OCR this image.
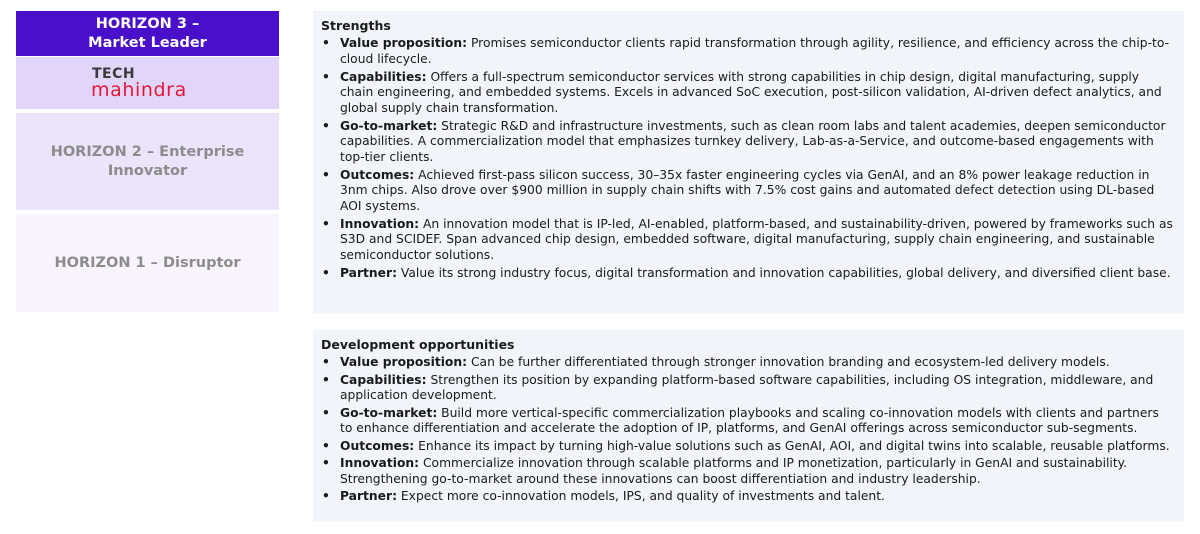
HORIZON 3 –
Market Leader
TECH
mahindra
HORIZON 2 – Enterprise
Innovator
HORIZON 1 – Disruptor
Strengths
• Value proposition: Promises semiconductor clients rapid transformation through agility, resilience, and efficiency across the chip-to-cloud lifecycle.
• Capabilities: Offers a full-spectrum semiconductor services with strong capabilities in chip design, digital manufacturing, supply chain engineering, and embedded systems. Excels in advanced SoC execution, post-silicon validation, AI-driven defect analytics, and global supply chain transformation.
• Go-to-market: Strategic R&D and infrastructure investments, such as clean room labs and talent academies, deepen semiconductor capabilities. A commercialization model that emphasizes turnkey delivery, Lab-as-a-Service, and outcome-based engagements with top-tier clients.
• Outcomes: Achieved first-pass silicon success, 30–35x faster engineering cycles via GenAI, and an 8% power leakage reduction in 3nm chips. Also drove over $900 million in supply chain shifts with 7.5% cost gains and automated defect detection using DL-based AOI systems.
• Innovation: An innovation model that is IP-led, AI-enabled, platform-based, and sustainability-driven, powered by frameworks such as S3D and SCIDEF. Span advanced chip design, embedded software, digital manufacturing, supply chain engineering, and sustainable semiconductor solutions.
• Partner: Value its strong industry focus, digital transformation and innovation capabilities, global delivery, and diversified client base.
Development opportunities
• Value proposition: Can be further differentiated through stronger innovation branding and ecosystem-led delivery models.
• Capabilities: Strengthen its position by expanding platform-based software capabilities, including OS integration, middleware, and application development.
• Go-to-market: Build more vertical-specific commercialization playbooks and scaling co-innovation models with clients and partners to enhance differentiation and accelerate the adoption of IP, platforms, and GenAI offerings across semiconductor sub-segments.
• Outcomes: Enhance its impact by turning high-value solutions such as GenAI, AOI, and digital twins into scalable, reusable platforms.
• Innovation: Commercialize innovation through scalable platforms and IP monetization, particularly in GenAI and sustainability. Strengthening go-to-market around these innovations can boost differentiation and industry leadership.
• Partner: Expect more co-innovation models, IPS, and quality of investments and talent.
